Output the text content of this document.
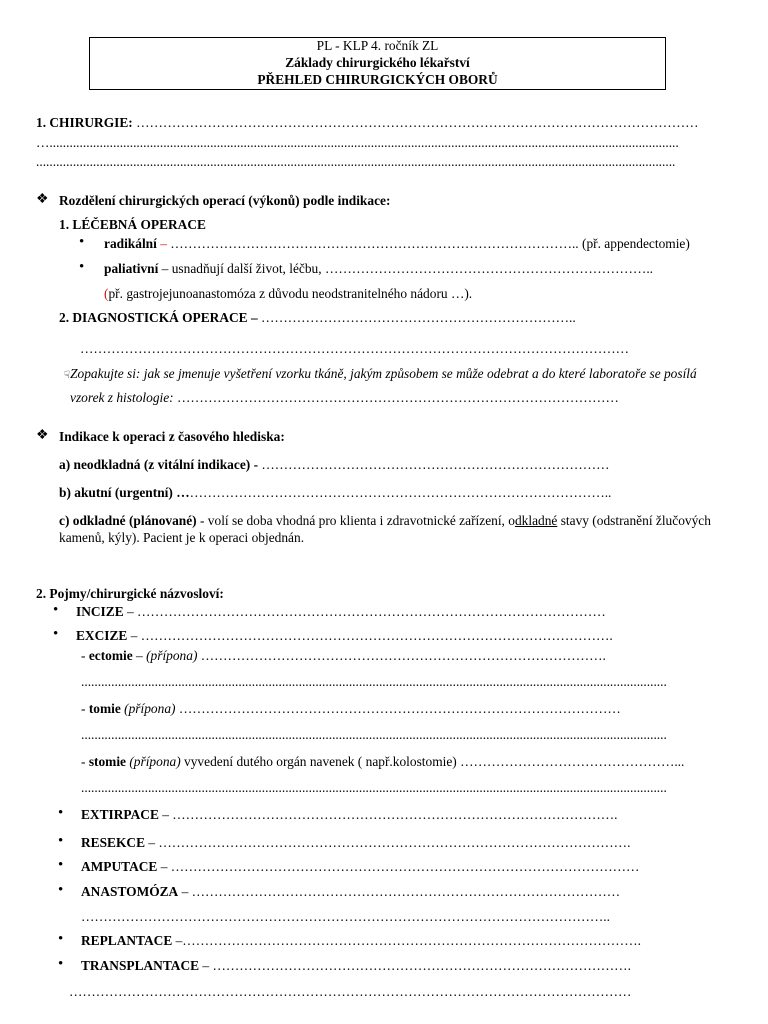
PL - KLP 4. ročník ZL
Základy chirurgického lékařství
PŘEHLED CHIRURGICKÝCH OBORŮ
1. CHIRURGIE: ………………………………………………………………………………………………………………
…............................................................................................................................................................................................
...............................................................................................................................................................................................
❖ Rozdělení chirurgických operací (výkonů) podle indikace:
1. LÉČEBNÁ OPERACE
• radikální – ……………………………………………………………………………….. (př. appendectomie)
• paliativní – usnadňují další život, léčbu, ………………………………………………………………..
(př. gastrojejunoanastomóza z důvodu neodstranitelného nádoru …).
2. DIAGNOSTICKÁ OPERACE – ……………………………………………………………..
……………………………………………………………………………………………………………
☟Zopakujte si: jak se jmenuje vyšetření vzorku tkáně, jakým způsobem se může odebrat a do které laboratoře se posílá
vzorek z histologie: ………………………………………………………………………………………
❖ Indikace k operaci z časového hlediska:
a) neodkladná (z vitální indikace) - ……………………………………………………………………
b) akutní (urgentní) ……………………………………………………………………………………..
c) odkladné (plánované) - volí se doba vhodná pro klienta i zdravotnické zařízení, odkladné stavy (odstranění žlučových
kamenů, kýly). Pacient je k operaci objednán.
2. Pojmy/chirurgické názvosloví:
• INCIZE – ……………………………………………………………………………………………
• EXCIZE – …………………………………………………………………………………………….
- ectomie – (přípona) ……………………………………………………………………………….
...............................................................................................................................................................................
- tomie (přípona) ………………………………………………………………………………………
...............................................................................................................................................................................
- stomie (přípona) vyvedení dutého orgán navenek ( např.kolostomie) …………………………………………...
...............................................................................................................................................................................
• EXTIRPACE – ……………………………………………………………………………………….
• RESEKCE – …………………………………………………………………………………………….
• AMPUTACE – ……………………………………………………………………………………………
• ANASTOMÓZA – ……………………………………………………………………………………
………………………………………………………………………………………………………..
• REPLANTACE –………………………………………………………………………………………….
• TRANSPLANTACE – ………………………………………………………………………………….
………………………………………………………………………………………………………………
